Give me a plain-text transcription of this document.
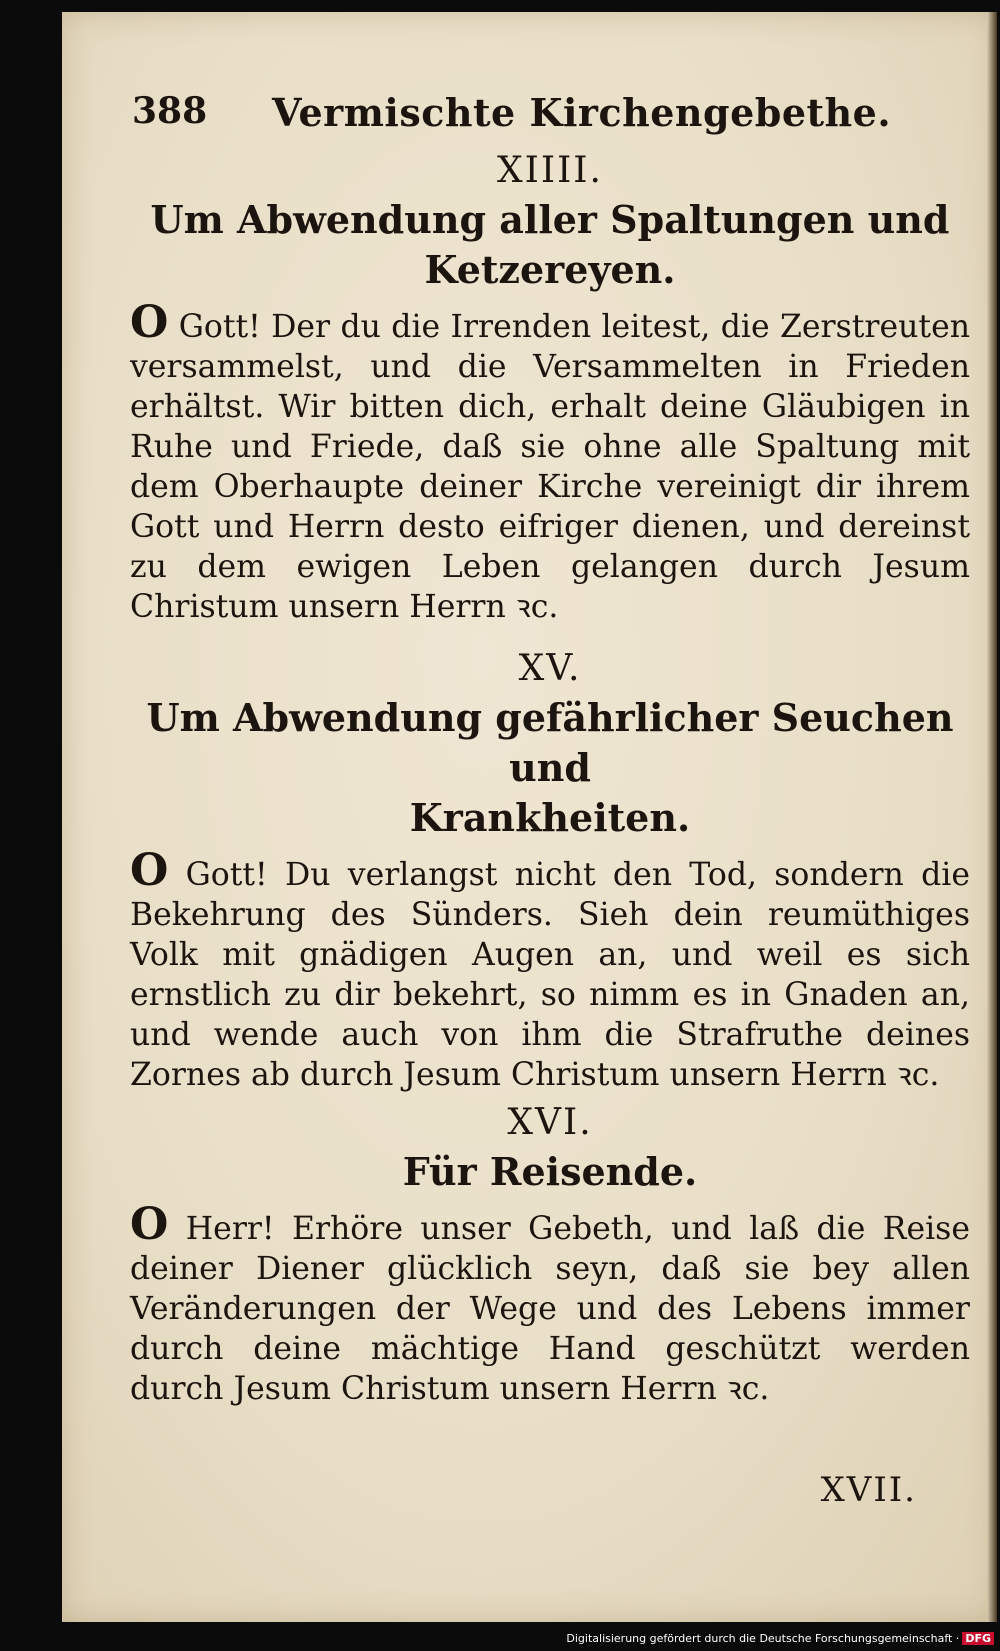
388 Vermischte Kirchengebethe.

XIIII.

Um Abwendung aller Spaltungen und
Ketzereyen.

O Gott! Der du die Irrenden leitest, die Zerstreuten versammelst, und die Versammelten in Frieden erhältst. Wir bitten dich, erhalt deine Gläubigen in Ruhe und Friede, daß sie ohne alle Spaltung mit dem Oberhaupte deiner Kirche vereinigt dir ihrem Gott und Herrn desto eifriger dienen, und dereinst zu dem ewigen Leben gelangen durch Jesum Christum unsern Herrn ꝛc.

XV.

Um Abwendung gefährlicher Seuchen und
Krankheiten.

O Gott! Du verlangst nicht den Tod, sondern die Bekehrung des Sünders. Sieh dein reumüthiges Volk mit gnädigen Augen an, und weil es sich ernstlich zu dir bekehrt, so nimm es in Gnaden an, und wende auch von ihm die Strafruthe deines Zornes ab durch Jesum Christum unsern Herrn ꝛc.

XVI.

Für Reisende.

O Herr! Erhöre unser Gebeth, und laß die Reise deiner Diener glücklich seyn, daß sie bey allen Veränderungen der Wege und des Lebens immer durch deine mächtige Hand geschützt werden durch Jesum Christum unsern Herrn ꝛc.

XVII.
Digitalisierung gefördert durch die Deutsche Forschungsgemeinschaft · DFG
